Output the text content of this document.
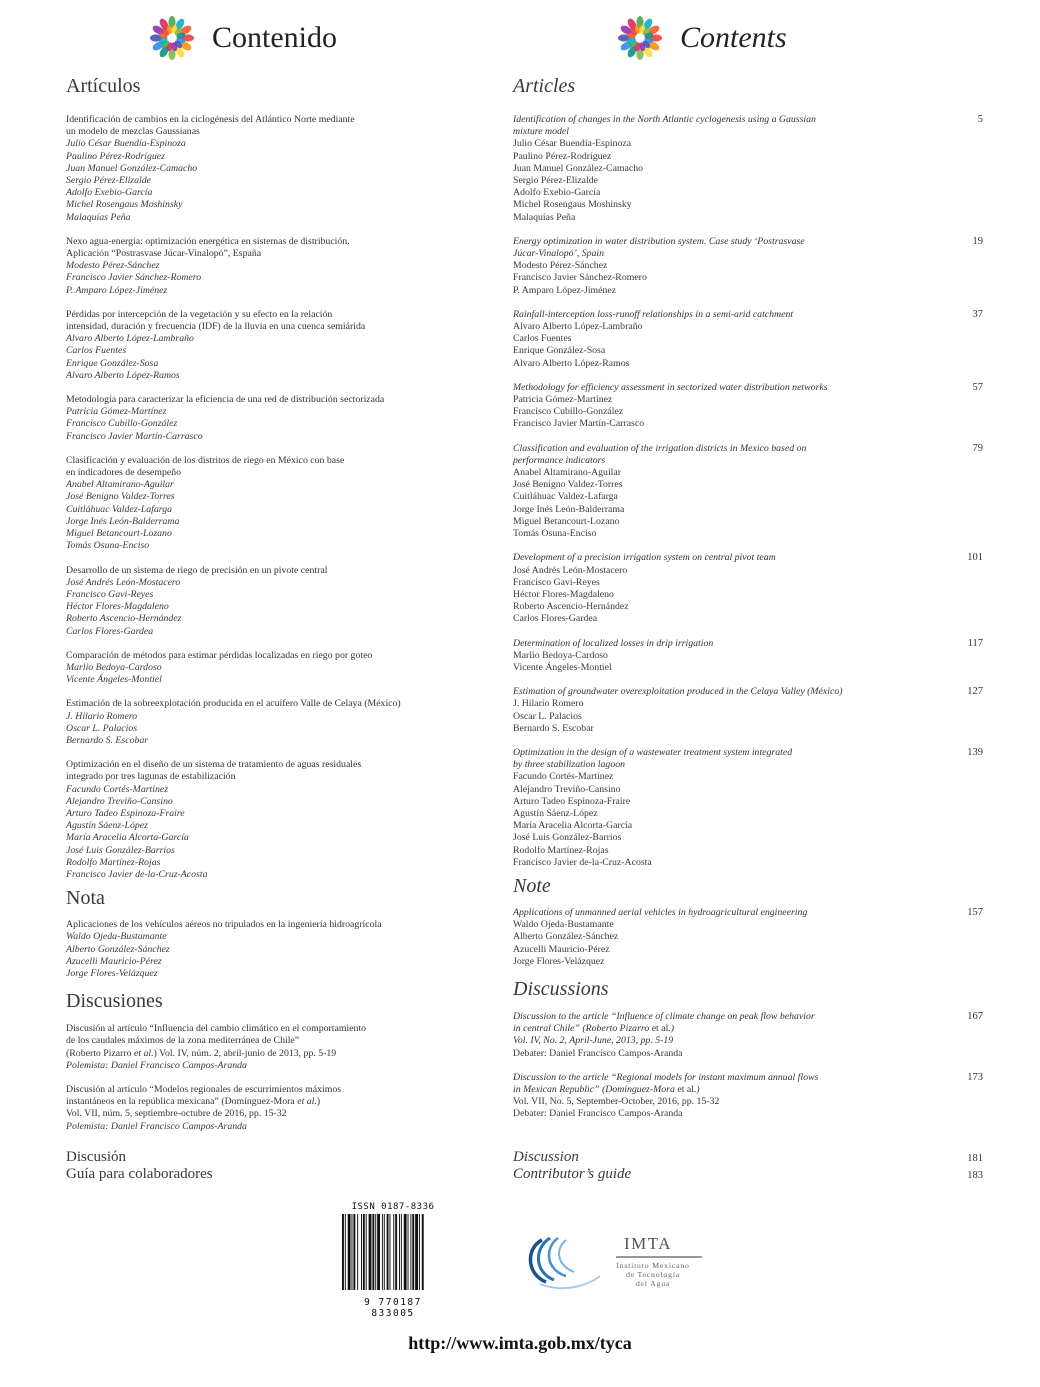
Contenido	Contents
Artículos
Identificación de cambios en la ciclogénesis del Atlántico Norte mediante
un modelo de mezclas Gaussianas
Julio César Buendía-Espinoza
Paulino Pérez-Rodríguez
Juan Manuel González-Camacho
Sergio Pérez-Elizalde
Adolfo Exebio-García
Michel Rosengaus Moshinsky
Malaquías Peña
Nexo agua-energía: optimización energética en sistemas de distribución.
Aplicación “Postrasvase Júcar-Vinalopó”, España
Modesto Pérez-Sánchez
Francisco Javier Sánchez-Romero
P. Amparo López-Jiménez
Pérdidas por intercepción de la vegetación y su efecto en la relación
intensidad, duración y frecuencia (IDF) de la lluvia en una cuenca semiárida
Alvaro Alberto López-Lambraño
Carlos Fuentes
Enrique González-Sosa
Alvaro Alberto López-Ramos
Metodología para caracterizar la eficiencia de una red de distribución sectorizada
Patricia Gómez-Martínez
Francisco Cubillo-González
Francisco Javier Martín-Carrasco
Clasificación y evaluación de los distritos de riego en México con base
en indicadores de desempeño
Anabel Altamirano-Aguilar
José Benigno Valdez-Torres
Cuitláhuac Valdez-Lafarga
Jorge Inés León-Balderrama
Miguel Betancourt-Lozano
Tomás Osuna-Enciso
Desarrollo de un sistema de riego de precisión en un pivote central
José Andrés León-Mostacero
Francisco Gavi-Reyes
Héctor Flores-Magdaleno
Roberto Ascencio-Hernández
Carlos Flores-Gardea
Comparación de métodos para estimar pérdidas localizadas en riego por goteo
Marlio Bedoya-Cardoso
Vicente Ángeles-Montiel
Estimación de la sobreexplotación producida en el acuífero Valle de Celaya (México)
J. Hilario Romero
Oscar L. Palacios
Bernardo S. Escobar
Optimización en el diseño de un sistema de tratamiento de aguas residuales
integrado por tres lagunas de estabilización
Facundo Cortés-Martínez
Alejandro Treviño-Cansino
Arturo Tadeo Espinoza-Fraire
Agustín Sáenz-López
María Aracelia Alcorta-García
José Luis González-Barrios
Rodolfo Martínez-Rojas
Francisco Javier de-la-Cruz-Acosta
Nota
Aplicaciones de los vehículos aéreos no tripulados en la ingeniería hidroagrícola
Waldo Ojeda-Bustamante
Alberto González-Sánchez
Azucelli Mauricio-Pérez
Jorge Flores-Velázquez
Discusiones
Discusión al artículo “Influencia del cambio climático en el comportamiento
de los caudales máximos de la zona mediterránea de Chile”
(Roberto Pizarro et al.) Vol. IV, núm. 2, abril-junio de 2013, pp. 5-19
Polemista: Daniel Francisco Campos-Aranda
Discusión al artículo “Modelos regionales de escurrimientos máximos
instantáneos en la república mexicana” (Domínguez-Mora et al.)
Vol. VII, núm. 5, septiembre-octubre de 2016, pp. 15-32
Polemista: Daniel Francisco Campos-Aranda
Articles
5
Identification of changes in the North Atlantic cyclogenesis using a Gaussian
mixture model
Julio César Buendía-Espinoza
Paulino Pérez-Rodríguez
Juan Manuel González-Camacho
Sergio Pérez-Elizalde
Adolfo Exebio-García
Michel Rosengaus Moshinsky
Malaquías Peña
19
Energy optimization in water distribution system. Case study ‘Postrasvase
Júcar-Vinalopó’, Spain
Modesto Pérez-Sánchez
Francisco Javier Sánchez-Romero
P. Amparo López-Jiménez
37
Rainfall-interception loss-runoff relationships in a semi-arid catchment
Alvaro Alberto López-Lambraño
Carlos Fuentes
Enrique González-Sosa
Alvaro Alberto López-Ramos
57
Methodology for efficiency assessment in sectorized water distribution networks
Patricia Gómez-Martínez
Francisco Cubillo-González
Francisco Javier Martín-Carrasco
79
Classification and evaluation of the irrigation districts in Mexico based on
performance indicators
Anabel Altamirano-Aguilar
José Benigno Valdez-Torres
Cuitláhuac Valdez-Lafarga
Jorge Inés León-Balderrama
Miguel Betancourt-Lozano
Tomás Osuna-Enciso
101
Development of a precision irrigation system on central pivot team
José Andrés León-Mostacero
Francisco Gavi-Reyes
Héctor Flores-Magdaleno
Roberto Ascencio-Hernández
Carlos Flores-Gardea
117
Determination of localized losses in drip irrigation
Marlio Bedoya-Cardoso
Vicente Ángeles-Montiel
127
Estimation of groundwater overexploitation produced in the Celaya Valley (México)
J. Hilario Romero
Oscar L. Palacios
Bernardo S. Escobar
139
Optimization in the design of a wastewater treatment system integrated
by three stabilization lagoon
Facundo Cortés-Martínez
Alejandro Treviño-Cansino
Arturo Tadeo Espinoza-Fraire
Agustín Sáenz-López
María Aracelia Alcorta-García
José Luis González-Barrios
Rodolfo Martínez-Rojas
Francisco Javier de-la-Cruz-Acosta
Note
157
Applications of unmanned aerial vehicles in hydroagricultural engineering
Waldo Ojeda-Bustamante
Alberto González-Sánchez
Azucelli Mauricio-Pérez
Jorge Flores-Velázquez
Discussions
167
Discussion to the article “Influence of climate change on peak flow behavior
in central Chile” (Roberto Pizarro et al.)
Vol. IV, No. 2, April-June, 2013, pp. 5-19
Debater: Daniel Francisco Campos-Aranda
173
Discussion to the article “Regional models for instant maximum annual flows
in Mexican Republic” (Domínguez-Mora et al.)
Vol. VII, No. 5, September-October, 2016, pp. 15-32
Debater: Daniel Francisco Campos-Aranda
Discusión
Guía para colaboradores
Discussion
Contributor’s guide
181
183
ISSN 0187-8336
9 770187 833005
IMTA
Instituto Mexicano
de Tecnología
del Agua
http://www.imta.gob.mx/tyca
